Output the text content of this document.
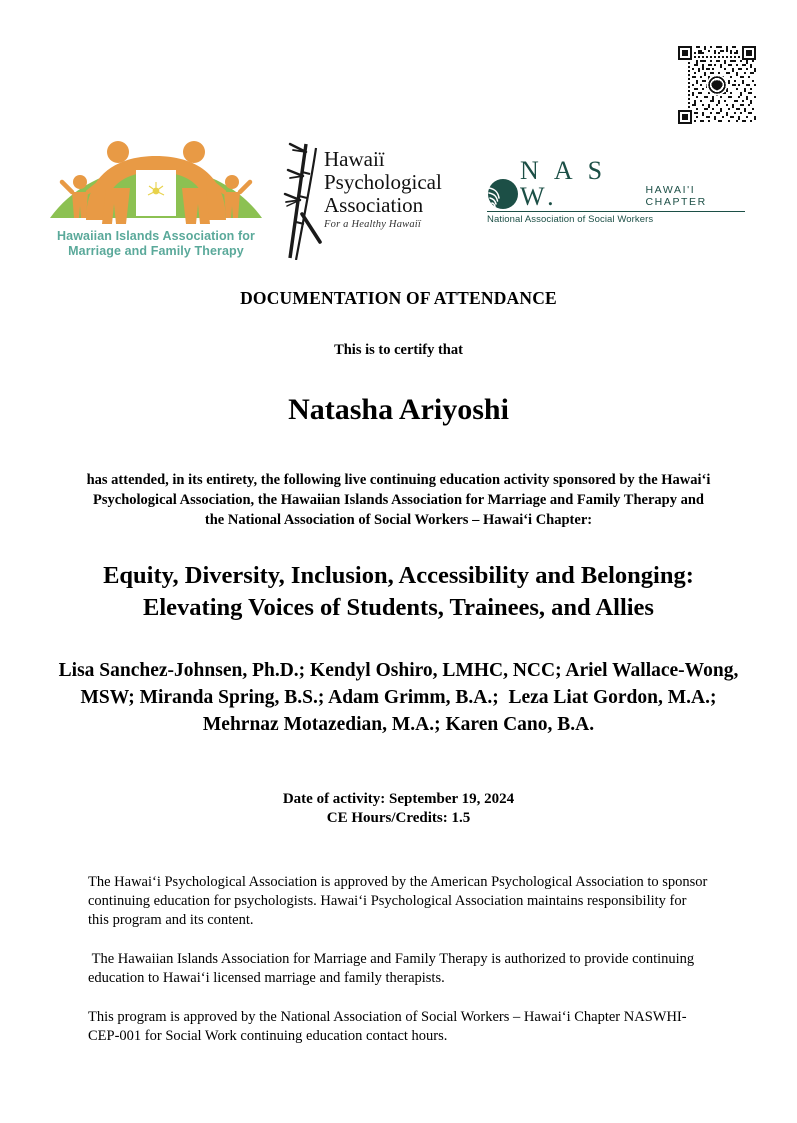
Hawaiian Islands Association for
Marriage and Family Therapy
Hawaiï
Psychological
Association
For a Healthy Hawaiï
N A S W.	HAWAI'I CHAPTER
National Association of Social Workers
DOCUMENTATION OF ATTENDANCE
This is to certify that
Natasha Ariyoshi
has attended, in its entirety, the following live continuing education activity sponsored by the Hawaiʻi Psychological Association, the Hawaiian Islands Association for Marriage and Family Therapy and the National Association of Social Workers – Hawaiʻi Chapter:
Equity, Diversity, Inclusion, Accessibility and Belonging: Elevating Voices of Students, Trainees, and Allies
Lisa Sanchez-Johnsen, Ph.D.; Kendyl Oshiro, LMHC, NCC; Ariel Wallace-Wong, MSW; Miranda Spring, B.S.; Adam Grimm, B.A.;  Leza Liat Gordon, M.A.; Mehrnaz Motazedian, M.A.; Karen Cano, B.A.
Date of activity: September 19, 2024
CE Hours/Credits: 1.5
The Hawaiʻi Psychological Association is approved by the American Psychological Association to sponsor continuing education for psychologists. Hawaiʻi Psychological Association maintains responsibility for this program and its content.
The Hawaiian Islands Association for Marriage and Family Therapy is authorized to provide continuing education to Hawaiʻi licensed marriage and family therapists.
This program is approved by the National Association of Social Workers – Hawaiʻi Chapter NASWHI-CEP-001 for Social Work continuing education contact hours.
